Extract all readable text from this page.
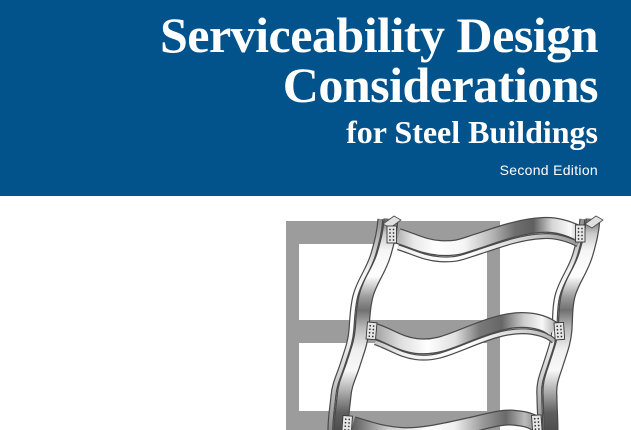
Serviceability Design
Considerations
for Steel Buildings
Second Edition
